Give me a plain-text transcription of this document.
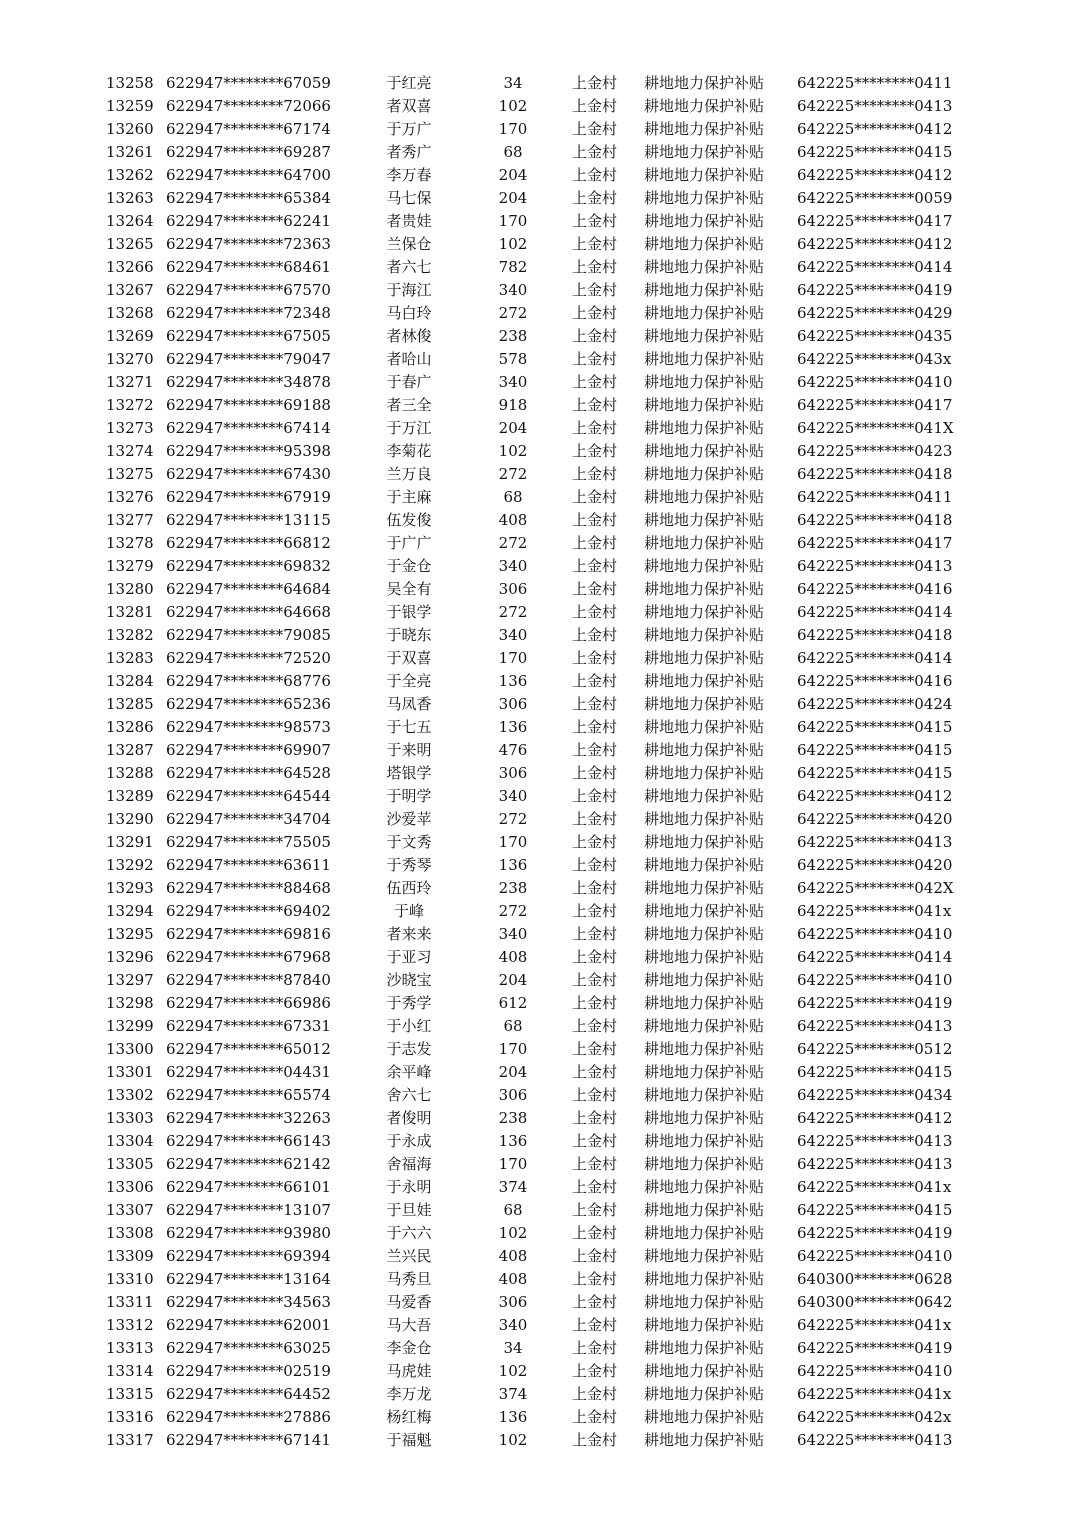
13258 622947********67059	于红亮	34	上金村 耕地地力保护补贴 642225********0411
13259 622947********72066	者双喜	102	上金村 耕地地力保护补贴 642225********0413
13260 622947********67174	于万广	170	上金村 耕地地力保护补贴 642225********0412
13261 622947********69287	者秀广	68	上金村 耕地地力保护补贴 642225********0415
13262 622947********64700	李万春	204	上金村 耕地地力保护补贴 642225********0412
13263 622947********65384	马七保	204	上金村 耕地地力保护补贴 642225********0059
13264 622947********62241	者贵娃	170	上金村 耕地地力保护补贴 642225********0417
13265 622947********72363	兰保仓	102	上金村 耕地地力保护补贴 642225********0412
13266 622947********68461	者六七	782	上金村 耕地地力保护补贴 642225********0414
13267 622947********67570	于海江	340	上金村 耕地地力保护补贴 642225********0419
13268 622947********72348	马白玲	272	上金村 耕地地力保护补贴 642225********0429
13269 622947********67505	者林俊	238	上金村 耕地地力保护补贴 642225********0435
13270 622947********79047	者哈山	578	上金村 耕地地力保护补贴 642225********043x
13271 622947********34878	于春广	340	上金村 耕地地力保护补贴 642225********0410
13272 622947********69188	者三全	918	上金村 耕地地力保护补贴 642225********0417
13273 622947********67414	于万江	204	上金村 耕地地力保护补贴 642225********041X
13274 622947********95398	李菊花	102	上金村 耕地地力保护补贴 642225********0423
13275 622947********67430	兰万良	272	上金村 耕地地力保护补贴 642225********0418
13276 622947********67919	于主麻	68	上金村 耕地地力保护补贴 642225********0411
13277 622947********13115	伍发俊	408	上金村 耕地地力保护补贴 642225********0418
13278 622947********66812	于广广	272	上金村 耕地地力保护补贴 642225********0417
13279 622947********69832	于金仓	340	上金村 耕地地力保护补贴 642225********0413
13280 622947********64684	吴全有	306	上金村 耕地地力保护补贴 642225********0416
13281 622947********64668	于银学	272	上金村 耕地地力保护补贴 642225********0414
13282 622947********79085	于晓东	340	上金村 耕地地力保护补贴 642225********0418
13283 622947********72520	于双喜	170	上金村 耕地地力保护补贴 642225********0414
13284 622947********68776	于全亮	136	上金村 耕地地力保护补贴 642225********0416
13285 622947********65236	马凤香	306	上金村 耕地地力保护补贴 642225********0424
13286 622947********98573	于七五	136	上金村 耕地地力保护补贴 642225********0415
13287 622947********69907	于来明	476	上金村 耕地地力保护补贴 642225********0415
13288 622947********64528	塔银学	306	上金村 耕地地力保护补贴 642225********0415
13289 622947********64544	于明学	340	上金村 耕地地力保护补贴 642225********0412
13290 622947********34704	沙爱苹	272	上金村 耕地地力保护补贴 642225********0420
13291 622947********75505	于文秀	170	上金村 耕地地力保护补贴 642225********0413
13292 622947********63611	于秀琴	136	上金村 耕地地力保护补贴 642225********0420
13293 622947********88468	伍西玲	238	上金村 耕地地力保护补贴 642225********042X
13294 622947********69402	于峰	272	上金村 耕地地力保护补贴 642225********041x
13295 622947********69816	者来来	340	上金村 耕地地力保护补贴 642225********0410
13296 622947********67968	于亚习	408	上金村 耕地地力保护补贴 642225********0414
13297 622947********87840	沙晓宝	204	上金村 耕地地力保护补贴 642225********0410
13298 622947********66986	于秀学	612	上金村 耕地地力保护补贴 642225********0419
13299 622947********67331	于小红	68	上金村 耕地地力保护补贴 642225********0413
13300 622947********65012	于志发	170	上金村 耕地地力保护补贴 642225********0512
13301 622947********04431	余平峰	204	上金村 耕地地力保护补贴 642225********0415
13302 622947********65574	舍六七	306	上金村 耕地地力保护补贴 642225********0434
13303 622947********32263	者俊明	238	上金村 耕地地力保护补贴 642225********0412
13304 622947********66143	于永成	136	上金村 耕地地力保护补贴 642225********0413
13305 622947********62142	舍福海	170	上金村 耕地地力保护补贴 642225********0413
13306 622947********66101	于永明	374	上金村 耕地地力保护补贴 642225********041x
13307 622947********13107	于旦娃	68	上金村 耕地地力保护补贴 642225********0415
13308 622947********93980	于六六	102	上金村 耕地地力保护补贴 642225********0419
13309 622947********69394	兰兴民	408	上金村 耕地地力保护补贴 642225********0410
13310 622947********13164	马秀旦	408	上金村 耕地地力保护补贴 640300********0628
13311 622947********34563	马爱香	306	上金村 耕地地力保护补贴 640300********0642
13312 622947********62001	马大吾	340	上金村 耕地地力保护补贴 642225********041x
13313 622947********63025	李金仓	34	上金村 耕地地力保护补贴 642225********0419
13314 622947********02519	马虎娃	102	上金村 耕地地力保护补贴 642225********0410
13315 622947********64452	李万龙	374	上金村 耕地地力保护补贴 642225********041x
13316 622947********27886	杨红梅	136	上金村 耕地地力保护补贴 642225********042x
13317 622947********67141	于福魁	102	上金村 耕地地力保护补贴 642225********0413
